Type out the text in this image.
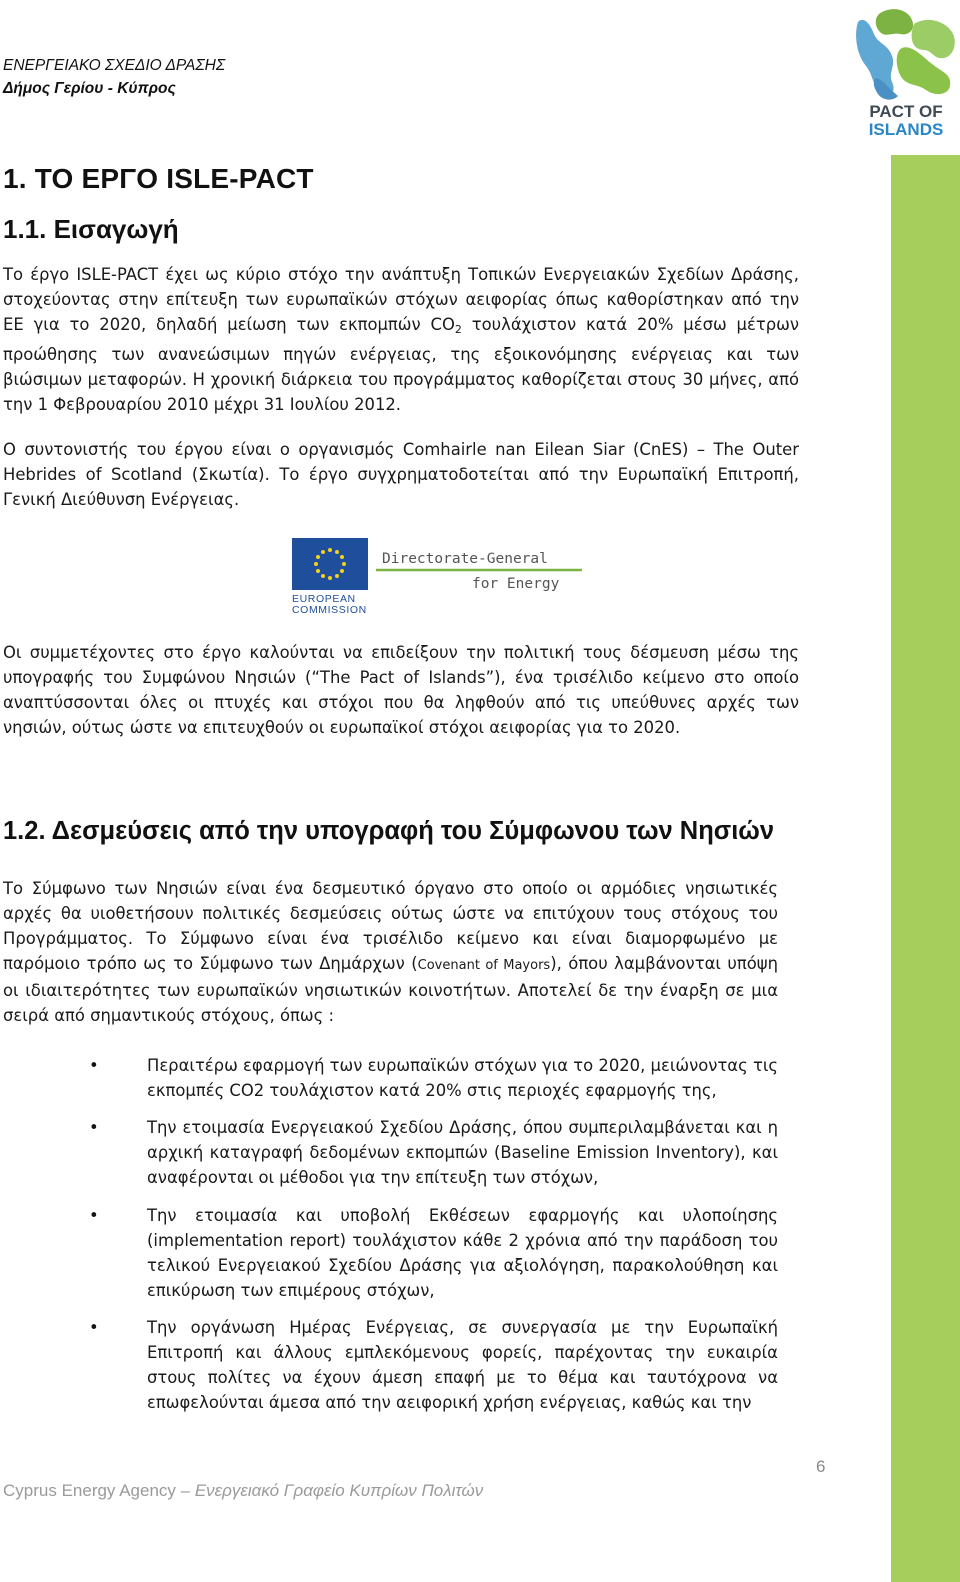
ΕΝΕΡΓΕΙΑΚΟ ΣΧΕΔΙΟ ΔΡΑΣΗΣ
Δήμος Γερίου - Κύπρος
PACT OF
ISLANDS
1. ΤΟ ΕΡΓΟ ISLE-PACT
1.1. Εισαγωγή
Το έργο ISLE-PACT έχει ως κύριο στόχο την ανάπτυξη Τοπικών Ενεργειακών Σχεδίων Δράσης, στοχεύοντας στην επίτευξη των ευρωπαϊκών στόχων αειφορίας όπως καθορίστηκαν από την ΕΕ για το 2020, δηλαδή μείωση των εκπομπών $CO_2$ τουλάχιστον κατά 20% μέσω μέτρων προώθησης των ανανεώσιμων πηγών ενέργειας, της εξοικονόμησης ενέργειας και των βιώσιμων μεταφορών. Η χρονική διάρκεια του προγράμματος καθορίζεται στους 30 μήνες, από την 1 Φεβρουαρίου 2010 μέχρι 31 Ιουλίου 2012.
Ο συντονιστής του έργου είναι ο οργανισμός Comhairle nan Eilean Siar (CnES) – The Outer Hebrides of Scotland (Σκωτία). Το έργο συγχρηματοδοτείται από την Ευρωπαϊκή Επιτροπή, Γενική Διεύθυνση Ενέργειας.
EUROPEAN
COMMISSION
Directorate-General
for Energy
Οι συμμετέχοντες στο έργο καλούνται να επιδείξουν την πολιτική τους δέσμευση μέσω της υπογραφής του Συμφώνου Νησιών (“The Pact of Islands”), ένα τρισέλιδο κείμενο στο οποίο αναπτύσσονται όλες οι πτυχές και στόχοι που θα ληφθούν από τις υπεύθυνες αρχές των νησιών, ούτως ώστε να επιτευχθούν οι ευρωπαϊκοί στόχοι αειφορίας για το 2020.
1.2. Δεσμεύσεις από την υπογραφή του Σύμφωνου των Νησιών
Το Σύμφωνο των Νησιών είναι ένα δεσμευτικό όργανο στο οποίο οι αρμόδιες νησιωτικές αρχές θα υιοθετήσουν πολιτικές δεσμεύσεις ούτως ώστε να επιτύχουν τους στόχους του Προγράμματος. Το Σύμφωνο είναι ένα τρισέλιδο κείμενο και είναι διαμορφωμένο με παρόμοιο τρόπο ως το Σύμφωνο των Δημάρχων (Covenant of Mayors), όπου λαμβάνονται υπόψη οι ιδιαιτερότητες των ευρωπαϊκών νησιωτικών κοινοτήτων. Αποτελεί δε την έναρξη σε μια σειρά από σημαντικούς στόχους, όπως :
•	Περαιτέρω εφαρμογή των ευρωπαϊκών στόχων για το 2020, μειώνοντας τις εκπομπές CO2 τουλάχιστον κατά 20% στις περιοχές εφαρμογής της,
•	Την ετοιμασία Ενεργειακού Σχεδίου Δράσης, όπου συμπεριλαμβάνεται και η αρχική καταγραφή δεδομένων εκπομπών (Baseline Emission Inventory), και αναφέρονται οι μέθοδοι για την επίτευξη των στόχων,
•	Την ετοιμασία και υποβολή Εκθέσεων εφαρμογής και υλοποίησης (implementation report) τουλάχιστον κάθε 2 χρόνια από την παράδοση του τελικού Ενεργειακού Σχεδίου Δράσης για αξιολόγηση, παρακολούθηση και επικύρωση των επιμέρους στόχων,
•	Την οργάνωση Ημέρας Ενέργειας, σε συνεργασία με την Ευρωπαϊκή Επιτροπή και άλλους εμπλεκόμενους φορείς, παρέχοντας την ευκαιρία στους πολίτες να έχουν άμεση επαφή με το θέμα και ταυτόχρονα να επωφελούνται άμεσα από την αειφορική χρήση ενέργειας, καθώς και την
6
Cyprus Energy Agency – Ενεργειακό Γραφείο Κυπρίων Πολιτών
